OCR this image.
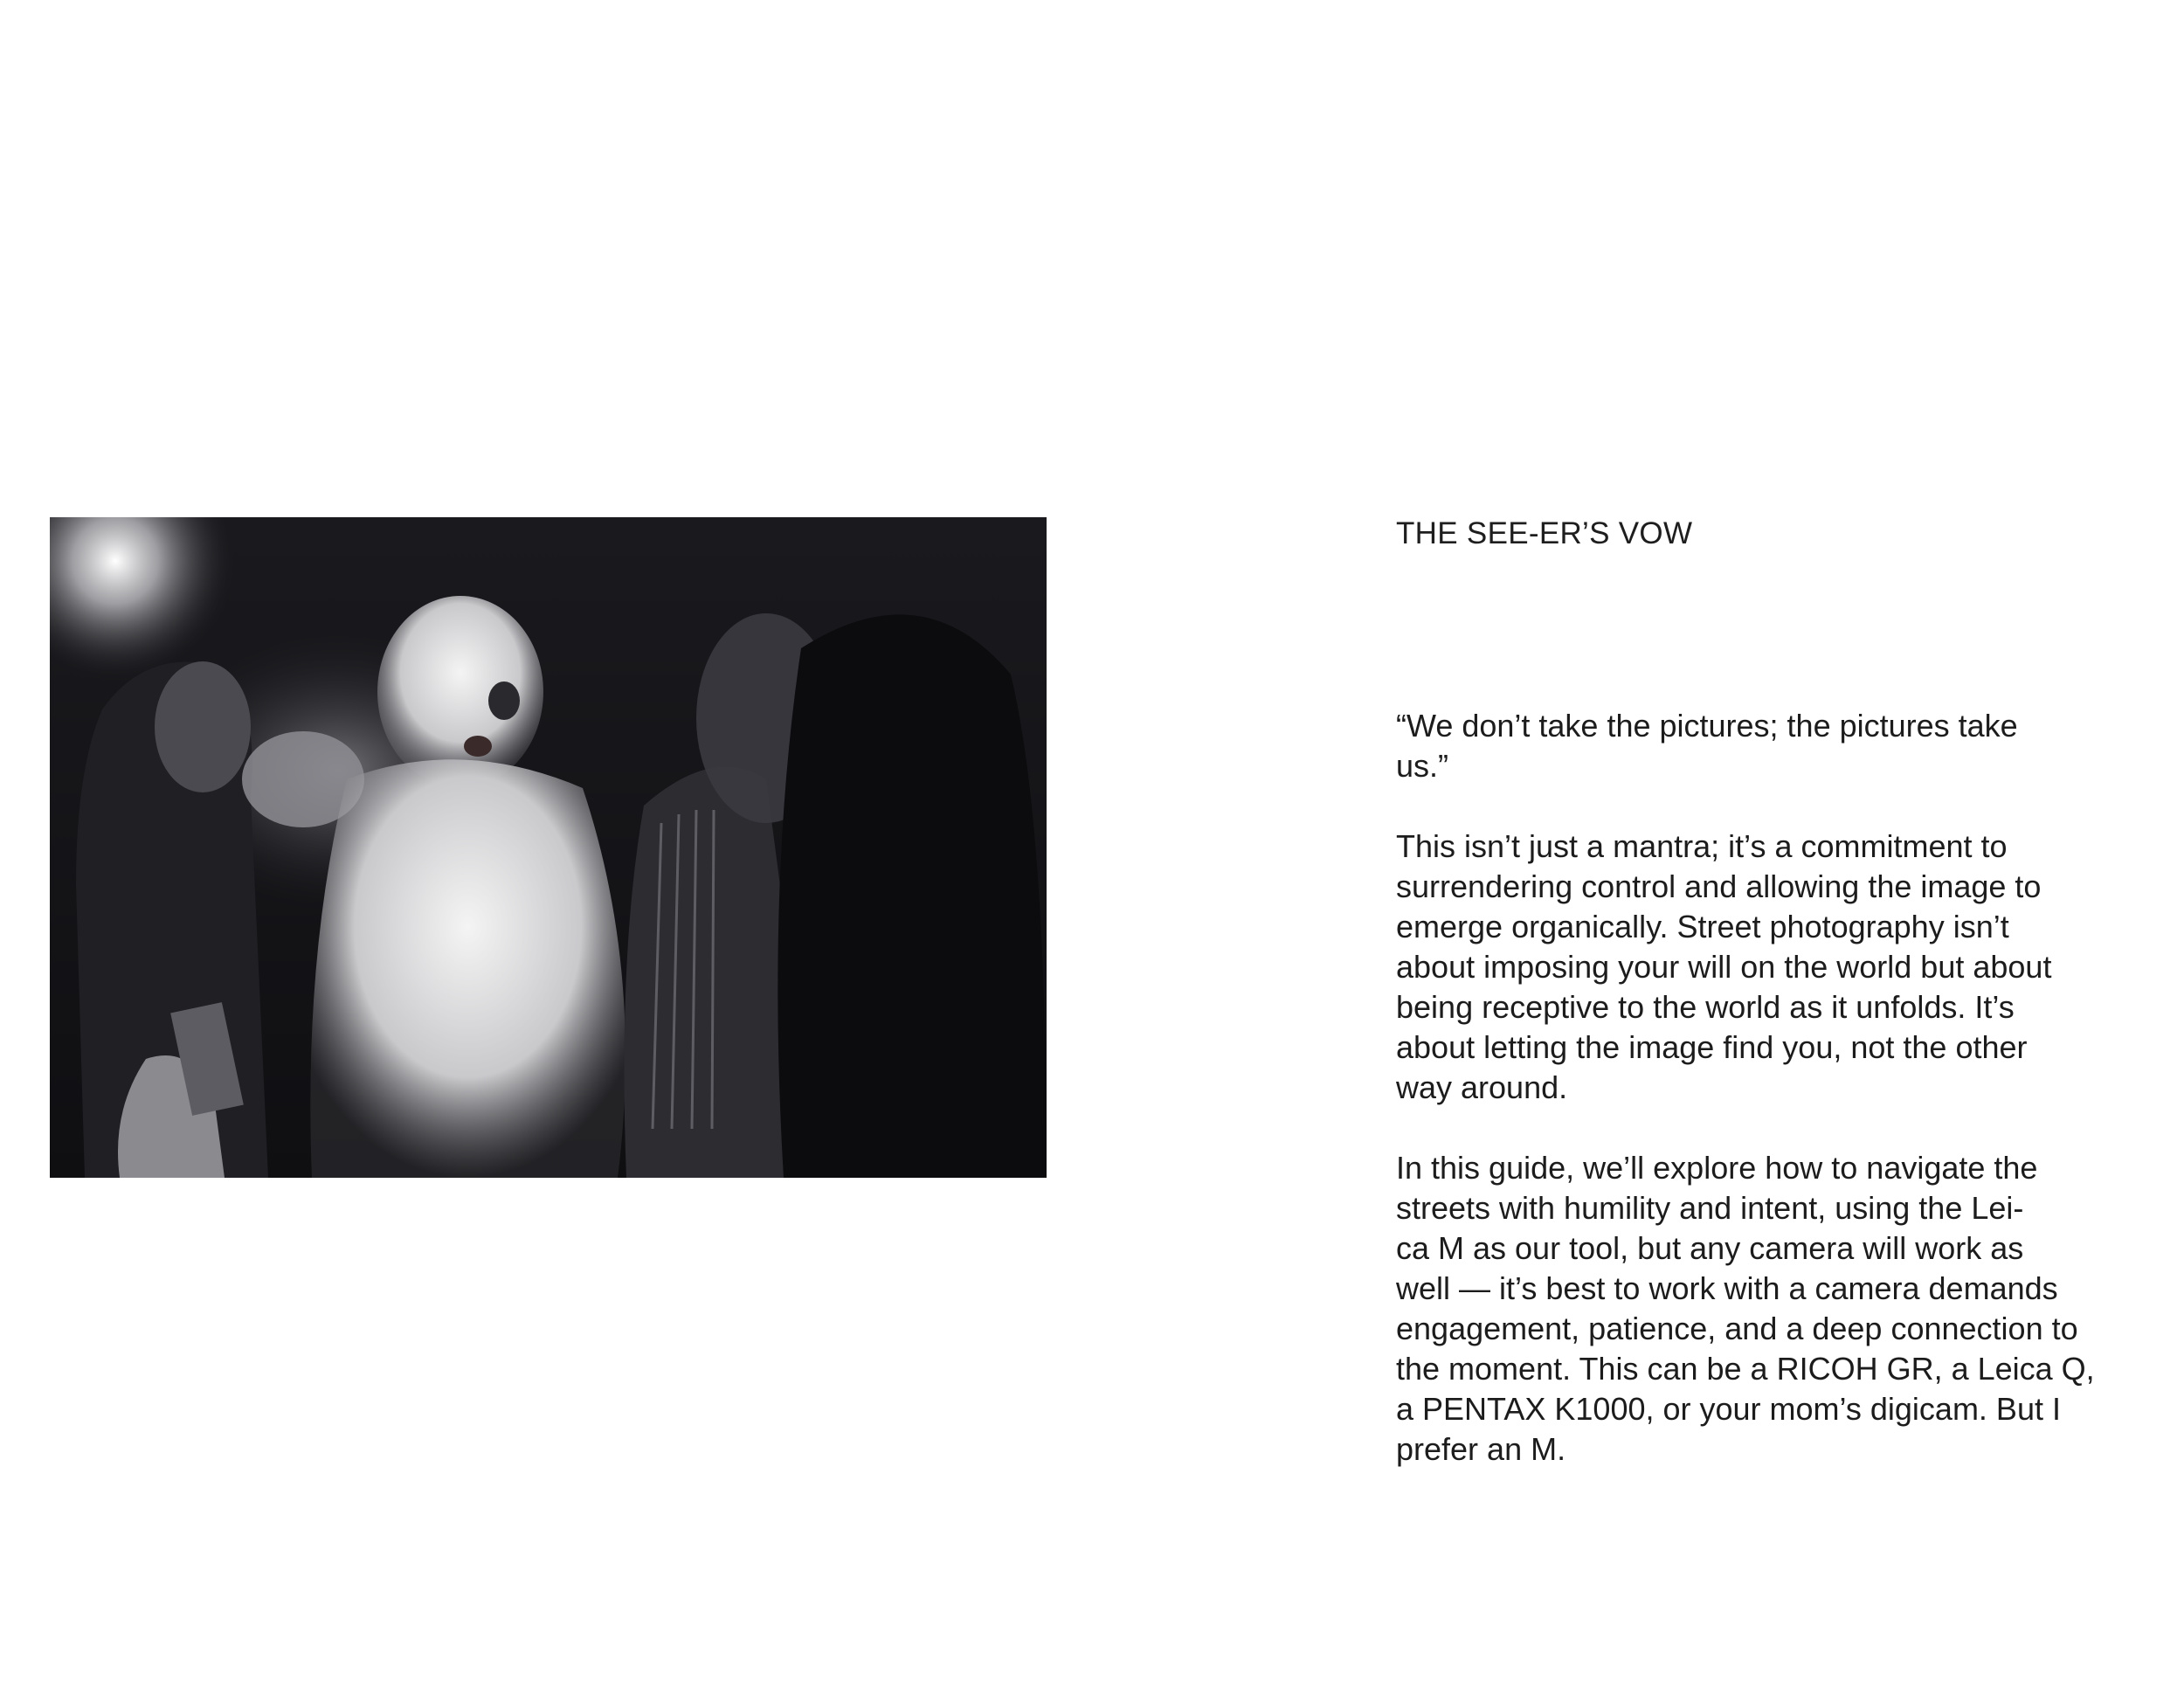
THE SEE-ER’S VOW

“We don’t take the pictures; the pictures take
us.”

This isn’t just a mantra; it’s a commitment to
surrendering control and allowing the image to
emerge organically. Street photography isn’t
about imposing your will on the world but about
being receptive to the world as it unfolds. It’s
about letting the image find you, not the other
way around.

In this guide, we’ll explore how to navigate the
streets with humility and intent, using the Lei-
ca M as our tool, but any camera will work as
well — it’s best to work with a camera demands
engagement, patience, and a deep connection to
the moment. This can be a RICOH GR, a Leica Q,
a PENTAX K1000, or your mom’s digicam. But I
prefer an M.
